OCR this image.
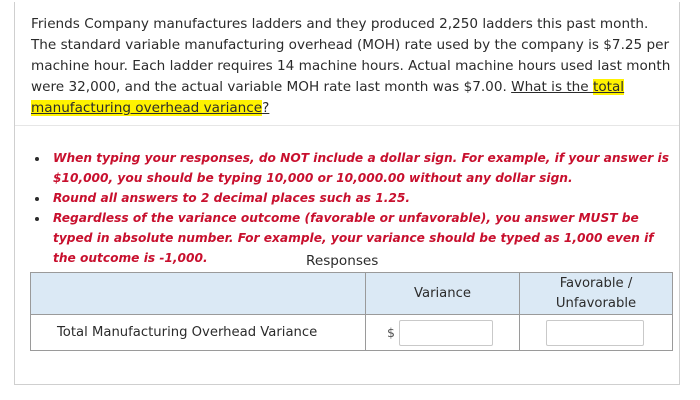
Friends Company manufactures ladders and they produced 2,250 ladders this past month. The standard variable manufacturing overhead (MOH) rate used by the company is $7.25 per machine hour. Each ladder requires 14 machine hours. Actual machine hours used last month were 32,000, and the actual variable MOH rate last month was $7.00. What is the total manufacturing overhead variance?
• When typing your responses, do NOT include a dollar sign. For example, if your answer is $10,000, you should be typing 10,000 or 10,000.00 without any dollar sign.
• Round all answers to 2 decimal places such as 1.25.
• Regardless of the variance outcome (favorable or unfavorable), you answer MUST be typed in absolute number. For example, your variance should be typed as 1,000 even if the outcome is -1,000.	Responses
	Variance	Favorable /
Unfavorable
Total Manufacturing Overhead Variance	$	
